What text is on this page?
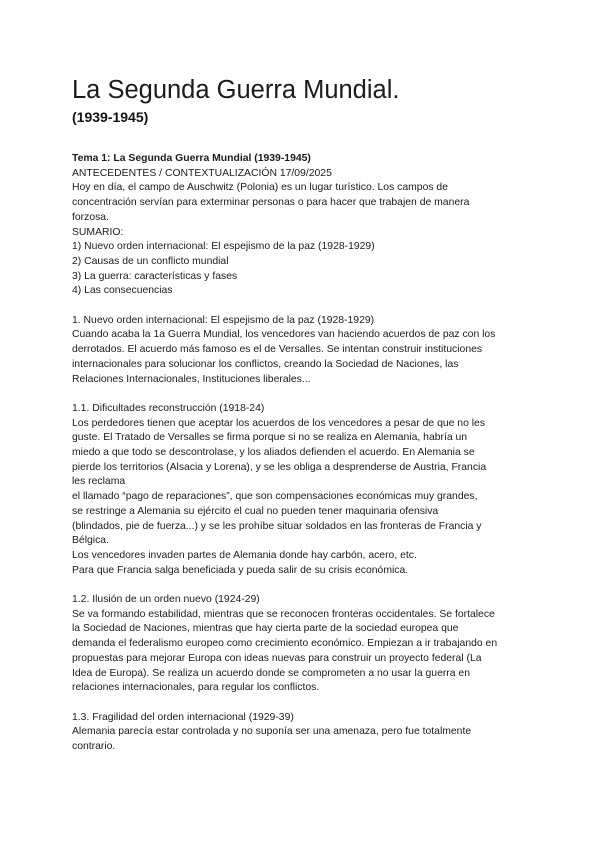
La Segunda Guerra Mundial.
(1939-1945)

Tema 1: La Segunda Guerra Mundial (1939-1945)

ANTECEDENTES / CONTEXTUALIZACIÓN 17/09/2025

Hoy en día, el campo de Auschwitz (Polonia) es un lugar turístico. Los campos de

concentración servían para exterminar personas o para hacer que trabajen de manera

forzosa.

SUMARIO:

1) Nuevo orden internacional: El espejismo de la paz (1928-1929)

2) Causas de un conflicto mundial

3) La guerra: características y fases

4) Las consecuencias

1. Nuevo orden internacional: El espejismo de la paz (1928-1929)

Cuando acaba la 1a Guerra Mundial, los vencedores van haciendo acuerdos de paz con los

derrotados. El acuerdo más famoso es el de Versalles. Se intentan construir instituciones

internacionales para solucionar los conflictos, creando la Sociedad de Naciones, las

Relaciones Internacionales, Instituciones liberales...

1.1. Dificultades reconstrucción (1918-24)

Los perdedores tienen que aceptar los acuerdos de los vencedores a pesar de que no les

guste. El Tratado de Versalles se firma porque si no se realiza en Alemania, habría un

miedo a que todo se descontrolase, y los aliados defienden el acuerdo. En Alemania se

pierde los territorios (Alsacia y Lorena), y se les obliga a desprenderse de Austria, Francia

les reclama

el llamado “pago de reparaciones”, que son compensaciones económicas muy grandes,

se restringe a Alemania su ejército el cual no pueden tener maquinaria ofensiva

(blindados, pie de fuerza...) y se les prohíbe situar soldados en las fronteras de Francia y

Bélgica.

Los vencedores invaden partes de Alemania donde hay carbón, acero, etc.

Para que Francia salga beneficiada y pueda salir de su crisis económica.

1.2. Ilusión de un orden nuevo (1924-29)

Se va formando estabilidad, mientras que se reconocen fronteras occidentales. Se fortalece

la Sociedad de Naciones, mientras que hay cierta parte de la sociedad europea que

demanda el federalismo europeo como crecimiento económico. Empiezan a ir trabajando en

propuestas para mejorar Europa con ideas nuevas para construir un proyecto federal (La

Idea de Europa). Se realiza un acuerdo donde se comprometen a no usar la guerra en

relaciones internacionales, para regular los conflictos.

1.3. Fragilidad del orden internacional (1929-39)

Alemania parecía estar controlada y no suponía ser una amenaza, pero fue totalmente

contrario.
